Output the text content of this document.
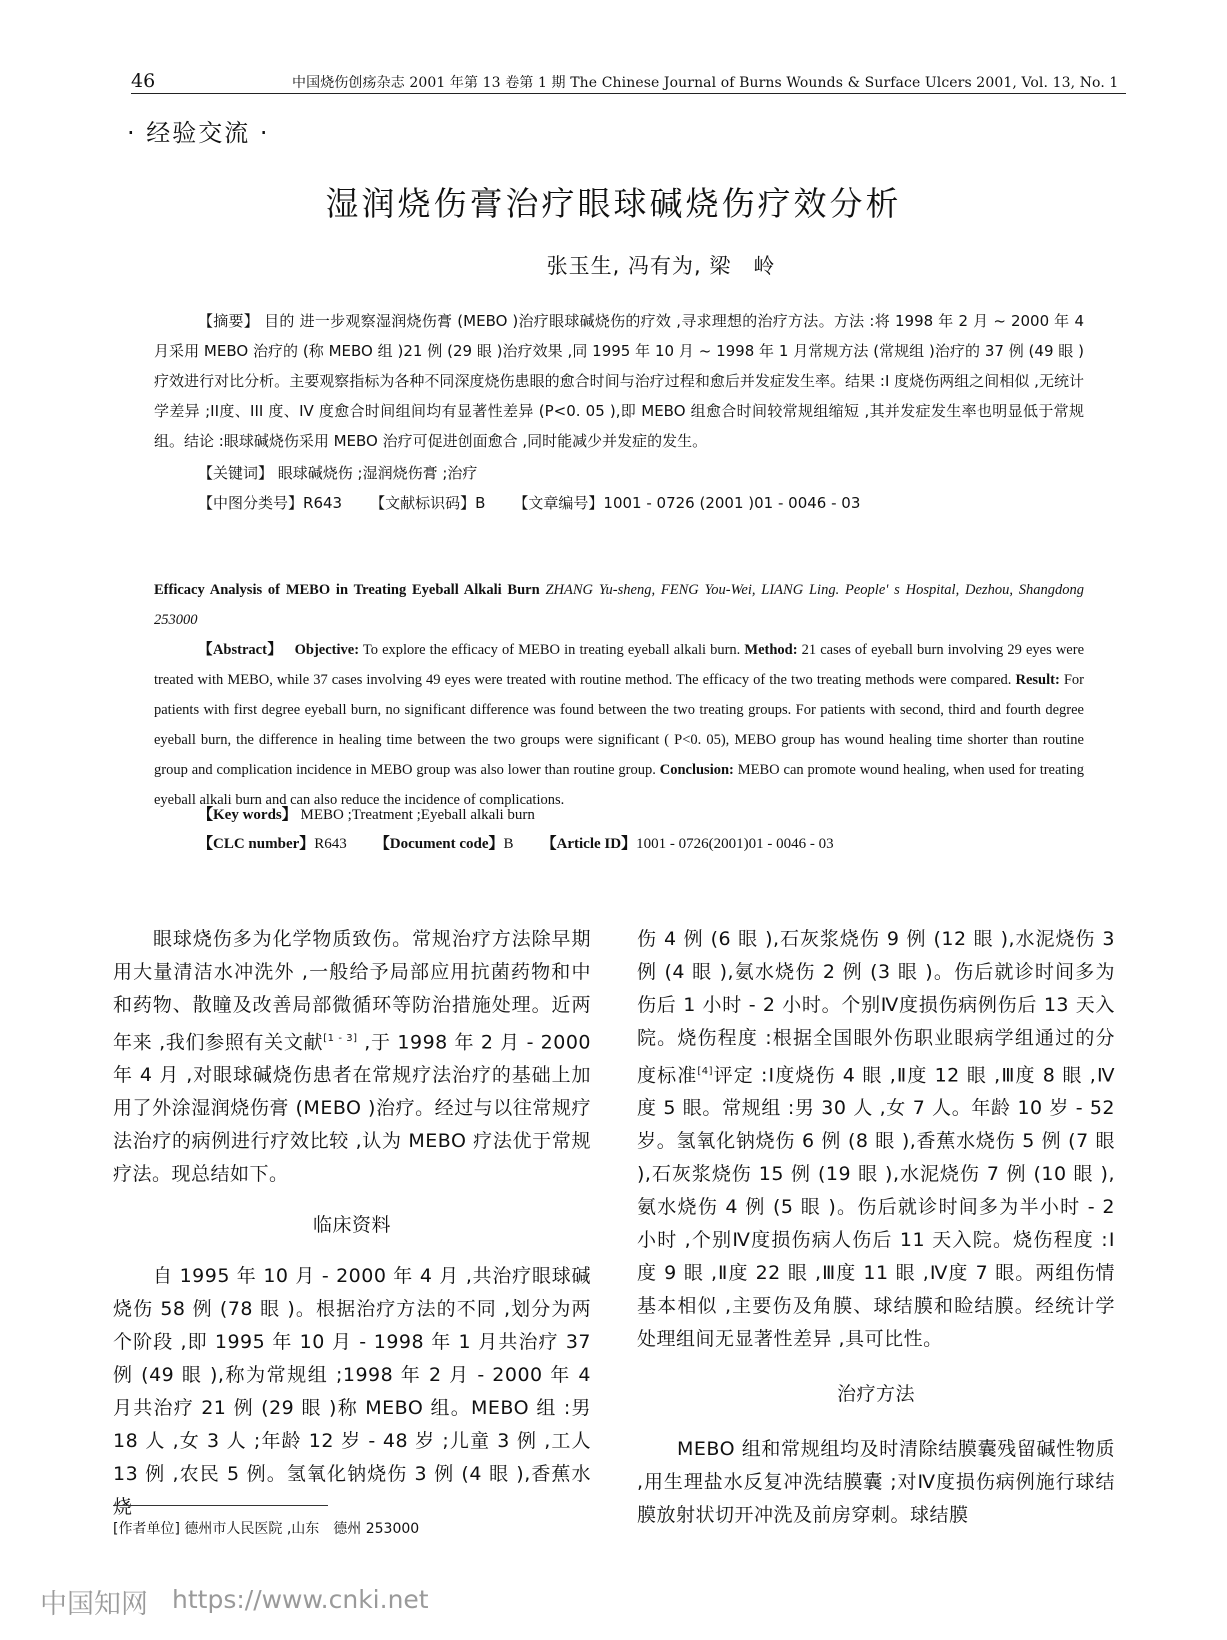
46	中国烧伤创疡杂志 2001 年第 13 卷第 1 期 The Chinese Journal of Burns Wounds & Surface Ulcers 2001, Vol. 13, No. 1
· 经验交流 ·
湿润烧伤膏治疗眼球碱烧伤疗效分析
张玉生, 冯有为, 梁　岭
【摘要】 目的 进一步观察湿润烧伤膏 (MEBO )治疗眼球碱烧伤的疗效 ,寻求理想的治疗方法。方法 :将 1998 年 2 月 ~ 2000 年 4 月采用 MEBO 治疗的 (称 MEBO 组 )21 例 (29 眼 )治疗效果 ,同 1995 年 10 月 ~ 1998 年 1 月常规方法 (常规组 )治疗的 37 例 (49 眼 )疗效进行对比分析。主要观察指标为各种不同深度烧伤患眼的愈合时间与治疗过程和愈后并发症发生率。结果 :I 度烧伤两组之间相似 ,无统计学差异 ;II度、III 度、IV 度愈合时间组间均有显著性差异 (P<0. 05 ),即 MEBO 组愈合时间较常规组缩短 ,其并发症发生率也明显低于常规组。结论 :眼球碱烧伤采用 MEBO 治疗可促进创面愈合 ,同时能减少并发症的发生。
【关键词】 眼球碱烧伤 ;湿润烧伤膏 ;治疗
【中图分类号】R643 【文献标识码】B 【文章编号】1001 - 0726 (2001 )01 - 0046 - 03
Efficacy Analysis of MEBO in Treating Eyeball Alkali Burn ZHANG Yu-sheng, FENG You-Wei, LIANG Ling. People' s Hospital, Dezhou, Shangdong 253000
【Abstract】 Objective: To explore the efficacy of MEBO in treating eyeball alkali burn. Method: 21 cases of eyeball burn involving 29 eyes were treated with MEBO, while 37 cases involving 49 eyes were treated with routine method. The efficacy of the two treating methods were compared. Result: For patients with first degree eyeball burn, no significant difference was found between the two treating groups. For patients with second, third and fourth degree eyeball burn, the difference in healing time between the two groups were significant ( P<0. 05), MEBO group has wound healing time shorter than routine group and complication incidence in MEBO group was also lower than routine group. Conclusion: MEBO can promote wound healing, when used for treating eyeball alkali burn and can also reduce the incidence of complications.
【Key words】 MEBO ;Treatment ;Eyeball alkali burn
【CLC number】R643 【Document code】B 【Article ID】1001 - 0726(2001)01 - 0046 - 03

眼球烧伤多为化学物质致伤。常规治疗方法除早期用大量清洁水冲洗外 ,一般给予局部应用抗菌药物和中和药物、散瞳及改善局部微循环等防治措施处理。近两年来 ,我们参照有关文献[1 - 3] ,于 1998 年 2 月 - 2000 年 4 月 ,对眼球碱烧伤患者在常规疗法治疗的基础上加用了外涂湿润烧伤膏 (MEBO )治疗。经过与以往常规疗法治疗的病例进行疗效比较 ,认为 MEBO 疗法优于常规疗法。现总结如下。

临床资料

自 1995 年 10 月 - 2000 年 4 月 ,共治疗眼球碱烧伤 58 例 (78 眼 )。根据治疗方法的不同 ,划分为两个阶段 ,即 1995 年 10 月 - 1998 年 1 月共治疗 37 例 (49 眼 ),称为常规组 ;1998 年 2 月 - 2000 年 4 月共治疗 21 例 (29 眼 )称 MEBO 组。MEBO 组 :男 18 人 ,女 3 人 ;年龄 12 岁 - 48 岁 ;儿童 3 例 ,工人 13 例 ,农民 5 例。氢氧化钠烧伤 3 例 (4 眼 ),香蕉水烧

伤 4 例 (6 眼 ),石灰浆烧伤 9 例 (12 眼 ),水泥烧伤 3 例 (4 眼 ),氨水烧伤 2 例 (3 眼 )。伤后就诊时间多为伤后 1 小时 - 2 小时。个别Ⅳ度损伤病例伤后 13 天入院。烧伤程度 :根据全国眼外伤职业眼病学组通过的分度标准[4]评定 :Ⅰ度烧伤 4 眼 ,Ⅱ度 12 眼 ,Ⅲ度 8 眼 ,Ⅳ度 5 眼。常规组 :男 30 人 ,女 7 人。年龄 10 岁 - 52 岁。氢氧化钠烧伤 6 例 (8 眼 ),香蕉水烧伤 5 例 (7 眼 ),石灰浆烧伤 15 例 (19 眼 ),水泥烧伤 7 例 (10 眼 ),氨水烧伤 4 例 (5 眼 )。伤后就诊时间多为半小时 - 2 小时 ,个别Ⅳ度损伤病人伤后 11 天入院。烧伤程度 :Ⅰ度 9 眼 ,Ⅱ度 22 眼 ,Ⅲ度 11 眼 ,Ⅳ度 7 眼。两组伤情基本相似 ,主要伤及角膜、球结膜和睑结膜。经统计学处理组间无显著性差异 ,具可比性。

治疗方法

MEBO 组和常规组均及时清除结膜囊残留碱性物质 ,用生理盐水反复冲洗结膜囊 ;对Ⅳ度损伤病例施行球结膜放射状切开冲洗及前房穿刺。球结膜

[作者单位] 德州市人民医院 ,山东　德州 253000
中国知网 https://www.cnki.net
